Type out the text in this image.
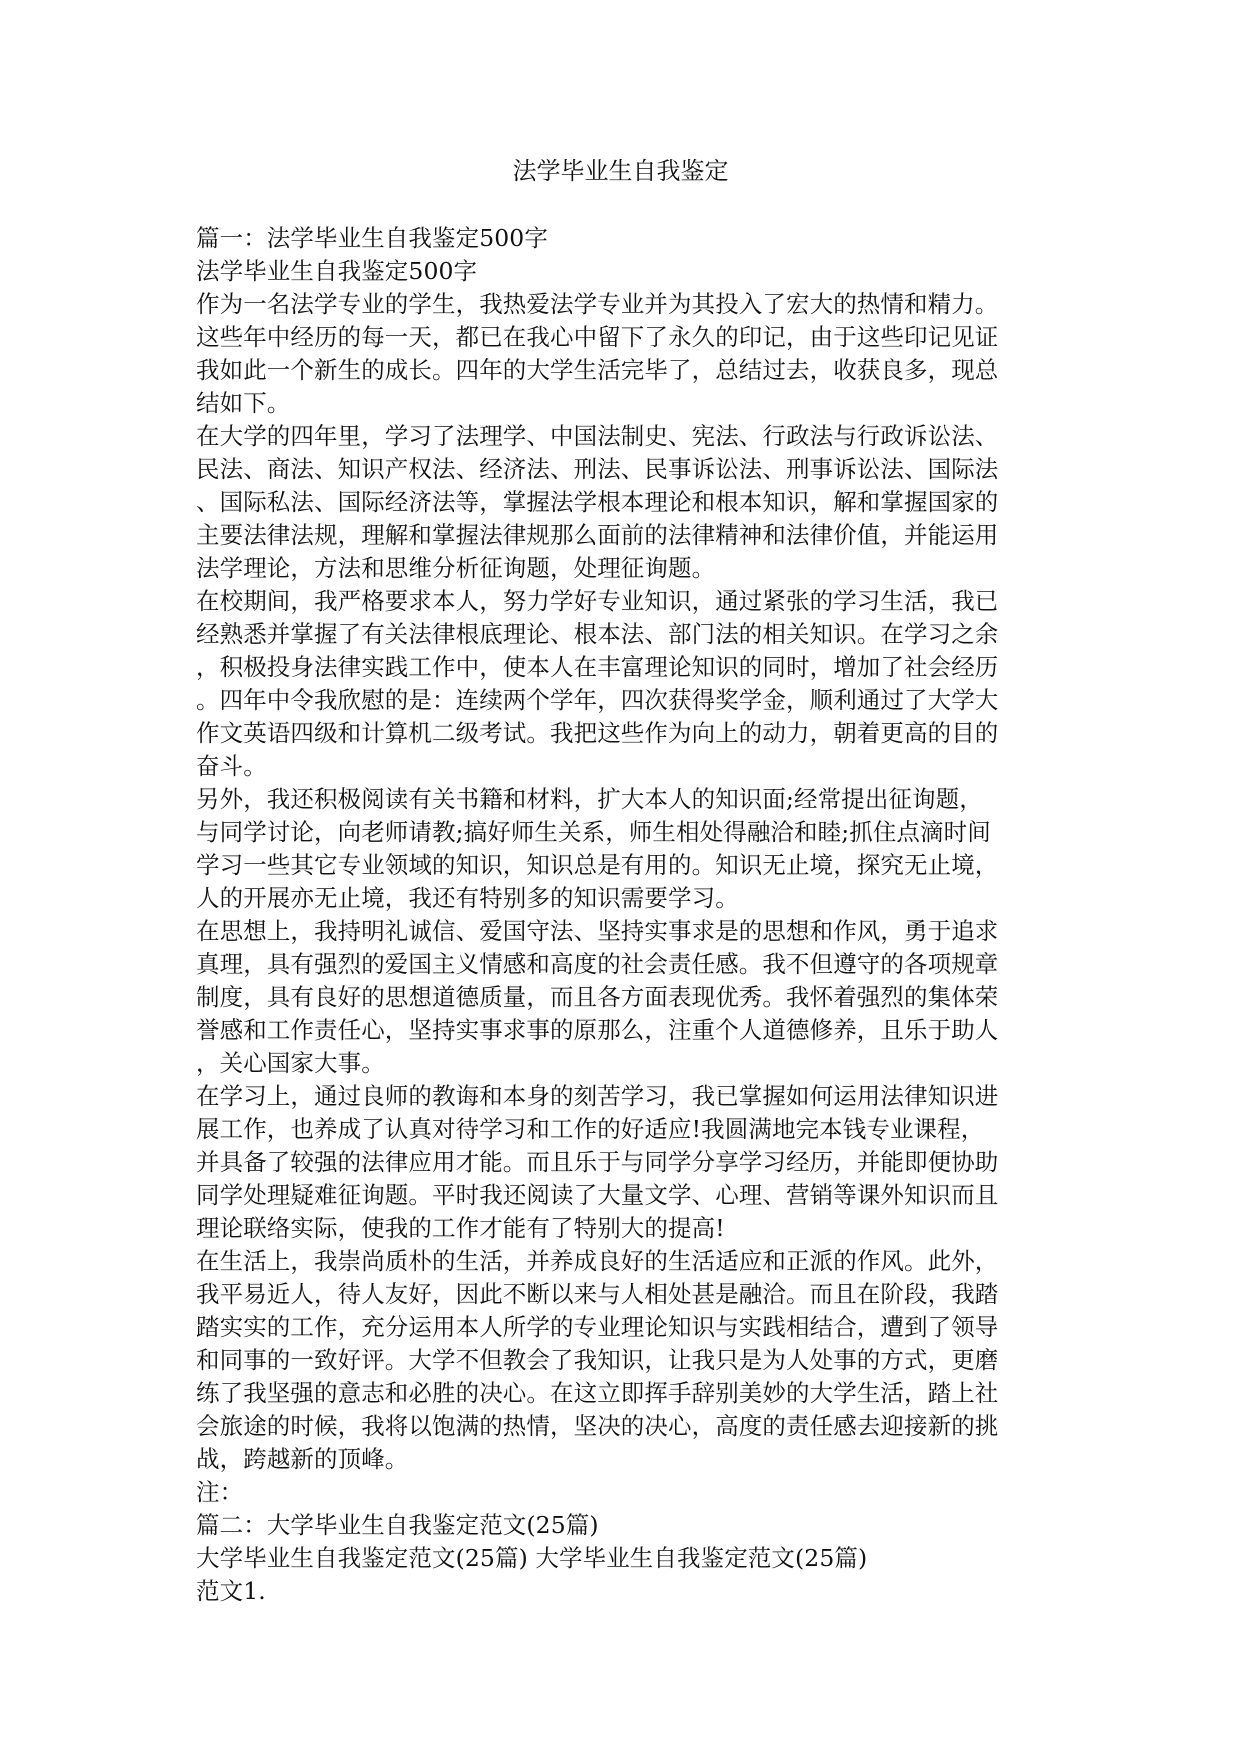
法学毕业生自我鉴定
篇一：法学毕业生自我鉴定500字
法学毕业生自我鉴定500字
作为一名法学专业的学生，我热爱法学专业并为其投入了宏大的热情和精力。
这些年中经历的每一天，都已在我心中留下了永久的印记，由于这些印记见证
我如此一个新生的成长。四年的大学生活完毕了，总结过去，收获良多，现总
结如下。
在大学的四年里，学习了法理学、中国法制史、宪法、行政法与行政诉讼法、
民法、商法、知识产权法、经济法、刑法、民事诉讼法、刑事诉讼法、国际法
、国际私法、国际经济法等，掌握法学根本理论和根本知识，解和掌握国家的
主要法律法规，理解和掌握法律规那么面前的法律精神和法律价值，并能运用
法学理论，方法和思维分析征询题，处理征询题。
在校期间，我严格要求本人，努力学好专业知识，通过紧张的学习生活，我已
经熟悉并掌握了有关法律根底理论、根本法、部门法的相关知识。在学习之余
，积极投身法律实践工作中，使本人在丰富理论知识的同时，增加了社会经历
。四年中令我欣慰的是：连续两个学年，四次获得奖学金，顺利通过了大学大
作文英语四级和计算机二级考试。我把这些作为向上的动力，朝着更高的目的
奋斗。
另外，我还积极阅读有关书籍和材料，扩大本人的知识面;经常提出征询题，
与同学讨论，向老师请教;搞好师生关系，师生相处得融洽和睦;抓住点滴时间
学习一些其它专业领域的知识，知识总是有用的。知识无止境，探究无止境，
人的开展亦无止境，我还有特别多的知识需要学习。
在思想上，我持明礼诚信、爱国守法、坚持实事求是的思想和作风，勇于追求
真理，具有强烈的爱国主义情感和高度的社会责任感。我不但遵守的各项规章
制度，具有良好的思想道德质量，而且各方面表现优秀。我怀着强烈的集体荣
誉感和工作责任心，坚持实事求事的原那么，注重个人道德修养，且乐于助人
，关心国家大事。
在学习上，通过良师的教诲和本身的刻苦学习，我已掌握如何运用法律知识进
展工作，也养成了认真对待学习和工作的好适应!我圆满地完本钱专业课程，
并具备了较强的法律应用才能。而且乐于与同学分享学习经历，并能即便协助
同学处理疑难征询题。平时我还阅读了大量文学、心理、营销等课外知识而且
理论联络实际，使我的工作才能有了特别大的提高!
在生活上，我崇尚质朴的生活，并养成良好的生活适应和正派的作风。此外，
我平易近人，待人友好，因此不断以来与人相处甚是融洽。而且在阶段，我踏
踏实实的工作，充分运用本人所学的专业理论知识与实践相结合，遭到了领导
和同事的一致好评。大学不但教会了我知识，让我只是为人处事的方式，更磨
练了我坚强的意志和必胜的决心。在这立即挥手辞别美妙的大学生活，踏上社
会旅途的时候，我将以饱满的热情，坚决的决心，高度的责任感去迎接新的挑
战，跨越新的顶峰。
注：
篇二：大学毕业生自我鉴定范文(25篇)
大学毕业生自我鉴定范文(25篇) 大学毕业生自我鉴定范文(25篇)
范文1.
